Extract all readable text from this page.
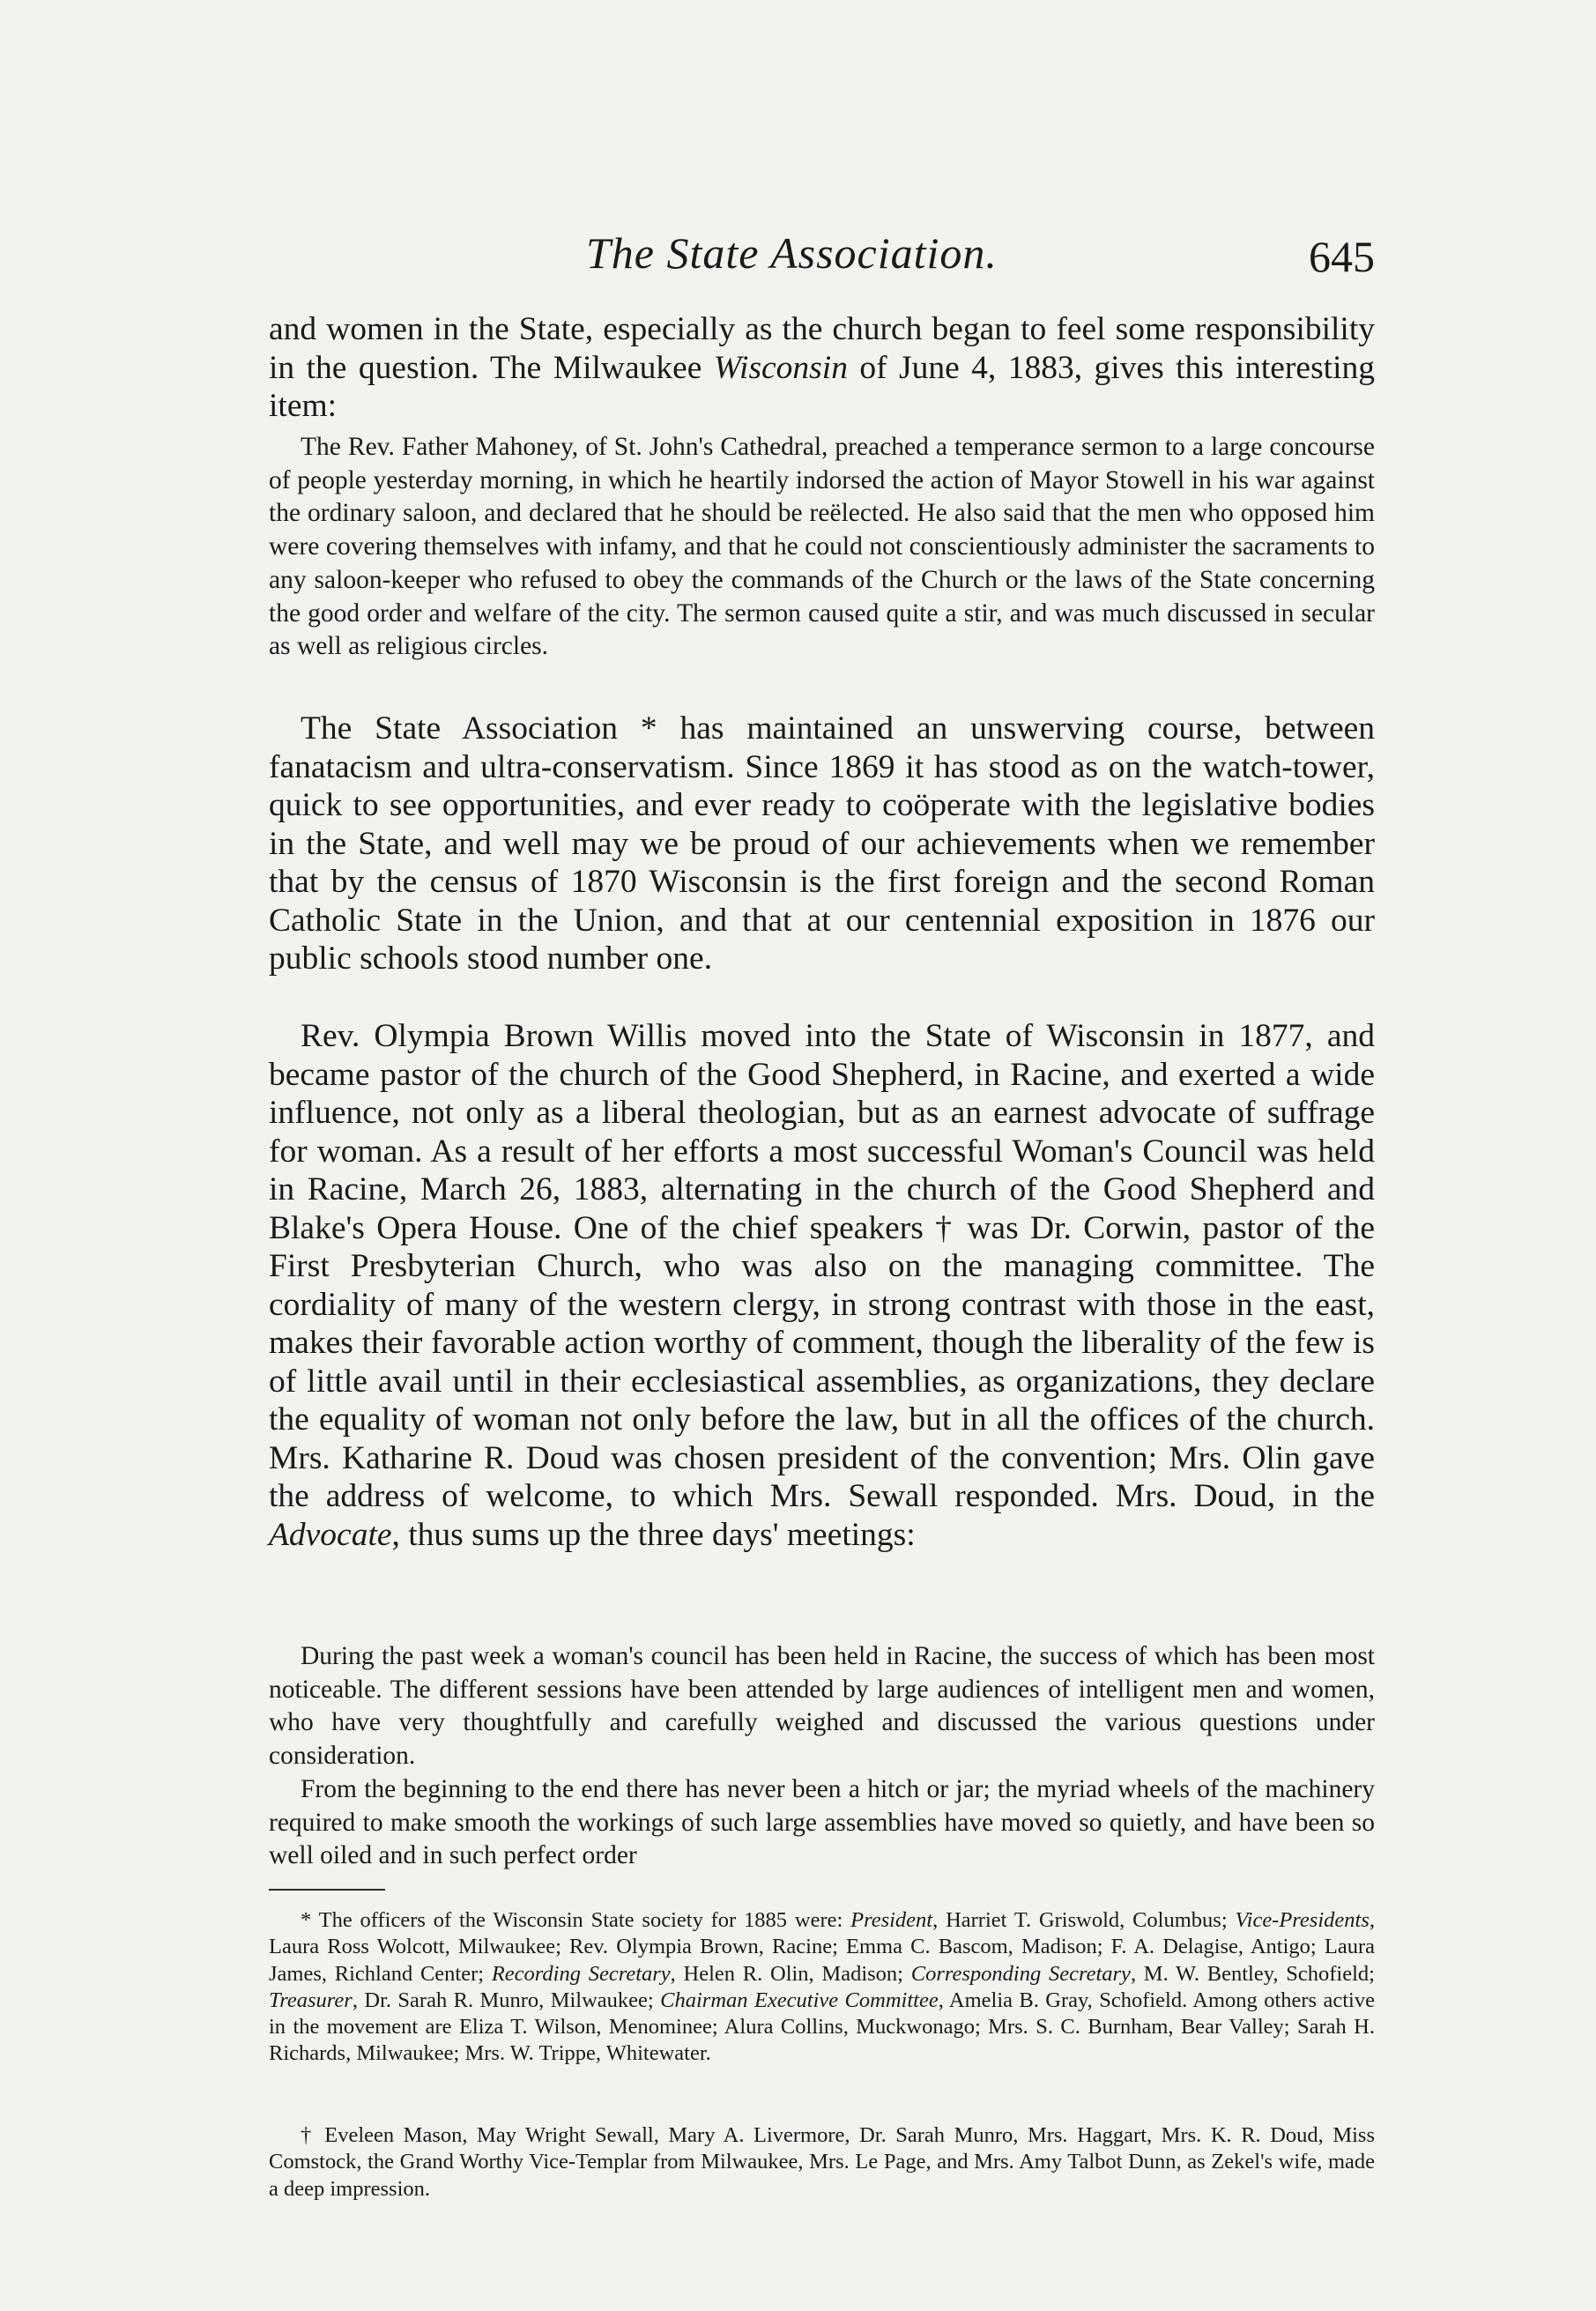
The State Association.	645

and women in the State, especially as the church began to feel some responsibility in the question. The Milwaukee Wisconsin of June 4, 1883, gives this interesting item:

The Rev. Father Mahoney, of St. John's Cathedral, preached a temperance sermon to a large concourse of people yesterday morning, in which he heartily indorsed the action of Mayor Stowell in his war against the ordinary saloon, and declared that he should be reëlected. He also said that the men who opposed him were covering themselves with infamy, and that he could not conscientiously administer the sacraments to any saloon-keeper who refused to obey the commands of the Church or the laws of the State concerning the good order and welfare of the city. The sermon caused quite a stir, and was much discussed in secular as well as religious circles.

The State Association * has maintained an unswerving course, between fanatacism and ultra-conservatism. Since 1869 it has stood as on the watch-tower, quick to see opportunities, and ever ready to coöperate with the legislative bodies in the State, and well may we be proud of our achievements when we remember that by the census of 1870 Wisconsin is the first foreign and the second Roman Catholic State in the Union, and that at our centennial exposition in 1876 our public schools stood number one.

Rev. Olympia Brown Willis moved into the State of Wisconsin in 1877, and became pastor of the church of the Good Shepherd, in Racine, and exerted a wide influence, not only as a liberal theologian, but as an earnest advocate of suffrage for woman. As a result of her efforts a most successful Woman's Council was held in Racine, March 26, 1883, alternating in the church of the Good Shepherd and Blake's Opera House. One of the chief speakers † was Dr. Corwin, pastor of the First Presbyterian Church, who was also on the managing committee. The cordiality of many of the western clergy, in strong contrast with those in the east, makes their favorable action worthy of comment, though the liberality of the few is of little avail until in their ecclesiastical assemblies, as organizations, they declare the equality of woman not only before the law, but in all the offices of the church. Mrs. Katharine R. Doud was chosen president of the convention; Mrs. Olin gave the address of welcome, to which Mrs. Sewall responded. Mrs. Doud, in the Advocate, thus sums up the three days' meetings:

During the past week a woman's council has been held in Racine, the success of which has been most noticeable. The different sessions have been attended by large audiences of intelligent men and women, who have very thoughtfully and carefully weighed and discussed the various questions under consideration.

From the beginning to the end there has never been a hitch or jar; the myriad wheels of the machinery required to make smooth the workings of such large assemblies have moved so quietly, and have been so well oiled and in such perfect order

* The officers of the Wisconsin State society for 1885 were: President, Harriet T. Griswold, Columbus; Vice-Presidents, Laura Ross Wolcott, Milwaukee; Rev. Olympia Brown, Racine; Emma C. Bascom, Madison; F. A. Delagise, Antigo; Laura James, Richland Center; Recording Secretary, Helen R. Olin, Madison; Corresponding Secretary, M. W. Bentley, Schofield; Treasurer, Dr. Sarah R. Munro, Milwaukee; Chairman Executive Committee, Amelia B. Gray, Schofield. Among others active in the movement are Eliza T. Wilson, Menominee; Alura Collins, Muckwonago; Mrs. S. C. Burnham, Bear Valley; Sarah H. Richards, Milwaukee; Mrs. W. Trippe, Whitewater.

† Eveleen Mason, May Wright Sewall, Mary A. Livermore, Dr. Sarah Munro, Mrs. Haggart, Mrs. K. R. Doud, Miss Comstock, the Grand Worthy Vice-Templar from Milwaukee, Mrs. Le Page, and Mrs. Amy Talbot Dunn, as Zekel's wife, made a deep impression.
